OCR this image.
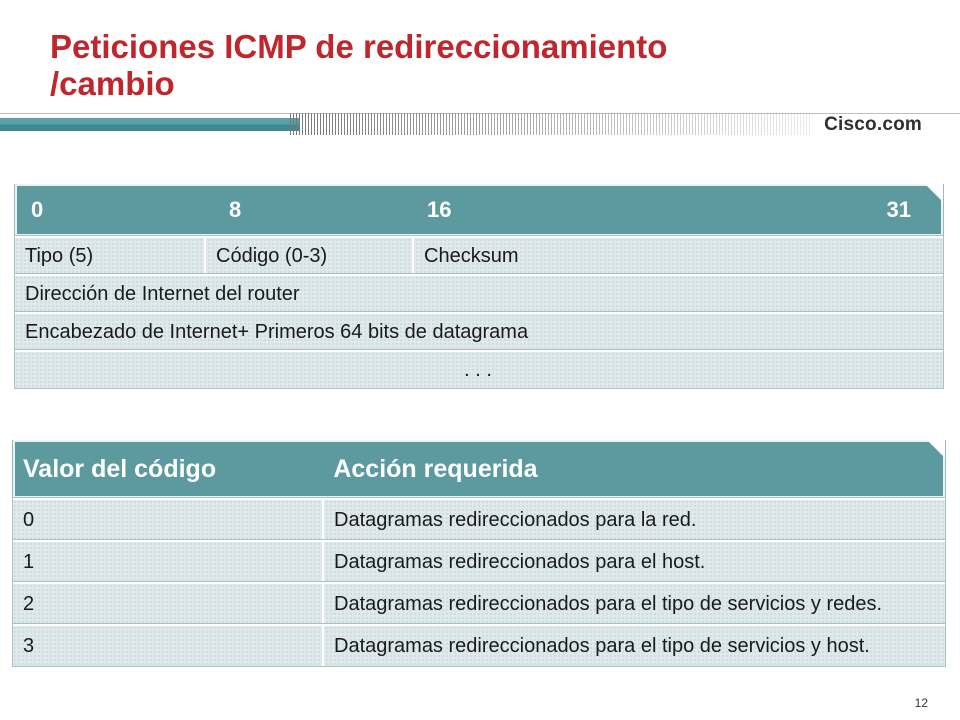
Peticiones ICMP de redireccionamiento
/cambio
Cisco.com
0	8	16	31
Tipo (5)	Código (0-3)	Checksum
Dirección de Internet del router
Encabezado de Internet+ Primeros 64 bits de datagrama
. . .
Valor del código	Acción requerida
0	Datagramas redireccionados para la red.
1	Datagramas redireccionados para el host.
2	Datagramas redireccionados para el tipo de servicios y redes.
3	Datagramas redireccionados para el tipo de servicios y host.
12
